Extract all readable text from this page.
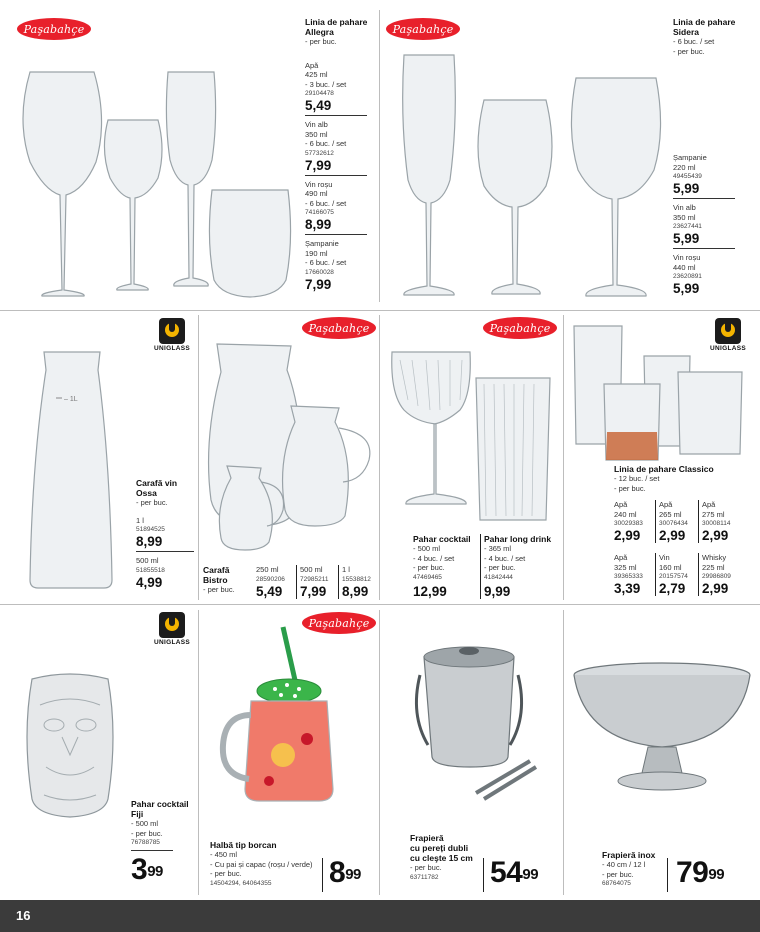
Paşabahçe
Linia de pahare
Allegra
- per buc.
Apă
425 ml
- 3 buc. / set
29104478
5,49
Vin alb
350 ml
- 6 buc. / set
57732612
7,99
Vin roșu
490 ml
- 6 buc. / set
74166075
8,99
Șampanie
190 ml
- 6 buc. / set
17660028
7,99
Paşabahçe
Linia de pahare
Sidera
- 6 buc. / set
- per buc.
Șampanie
220 ml
49455439
5,99
Vin alb
350 ml
23627441
5,99
Vin roșu
440 ml
23620891
5,99
UNIGLASS
– 1L
Carafă vin
Ossa
- per buc.
1 l
51894525
8,99
500 ml
51855518
4,99
Paşabahçe
Carafă
Bistro
- per buc.
250 ml
28590206
5,49
500 ml
72985211
7,99
1 l
15538812
8,99
Paşabahçe
Pahar cocktail
- 500 ml
- 4 buc. / set
- per buc.
47469465
12,99
Pahar long drink
- 365 ml
- 4 buc. / set
- per buc.
41842444
9,99
UNIGLASS
Linia de pahare Classico
- 12 buc. / set
- per buc.
Apă
240 ml
30029383
2,99
Apă
265 ml
30076434
2,99
Apă
275 ml
30008114
2,99
Apă
325 ml
39365333
3,39
Vin
160 ml
20157574
2,79
Whisky
225 ml
29986809
2,99
UNIGLASS
Pahar cocktail
Fiji
- 500 ml
- per buc.
76788785
$3^{99}$
Paşabahçe
Halbă tip borcan
- 450 ml
- Cu pai și capac (roșu / verde)
- per buc.
14504294, 64064355	$8^{99}$
Frapieră
cu pereți dubli
cu cleşte 15 cm
- per buc.
63711782	$54^{99}$
Frapieră inox
- 40 cm / 12 l
- per buc.
68764075	$79^{99}$
16
